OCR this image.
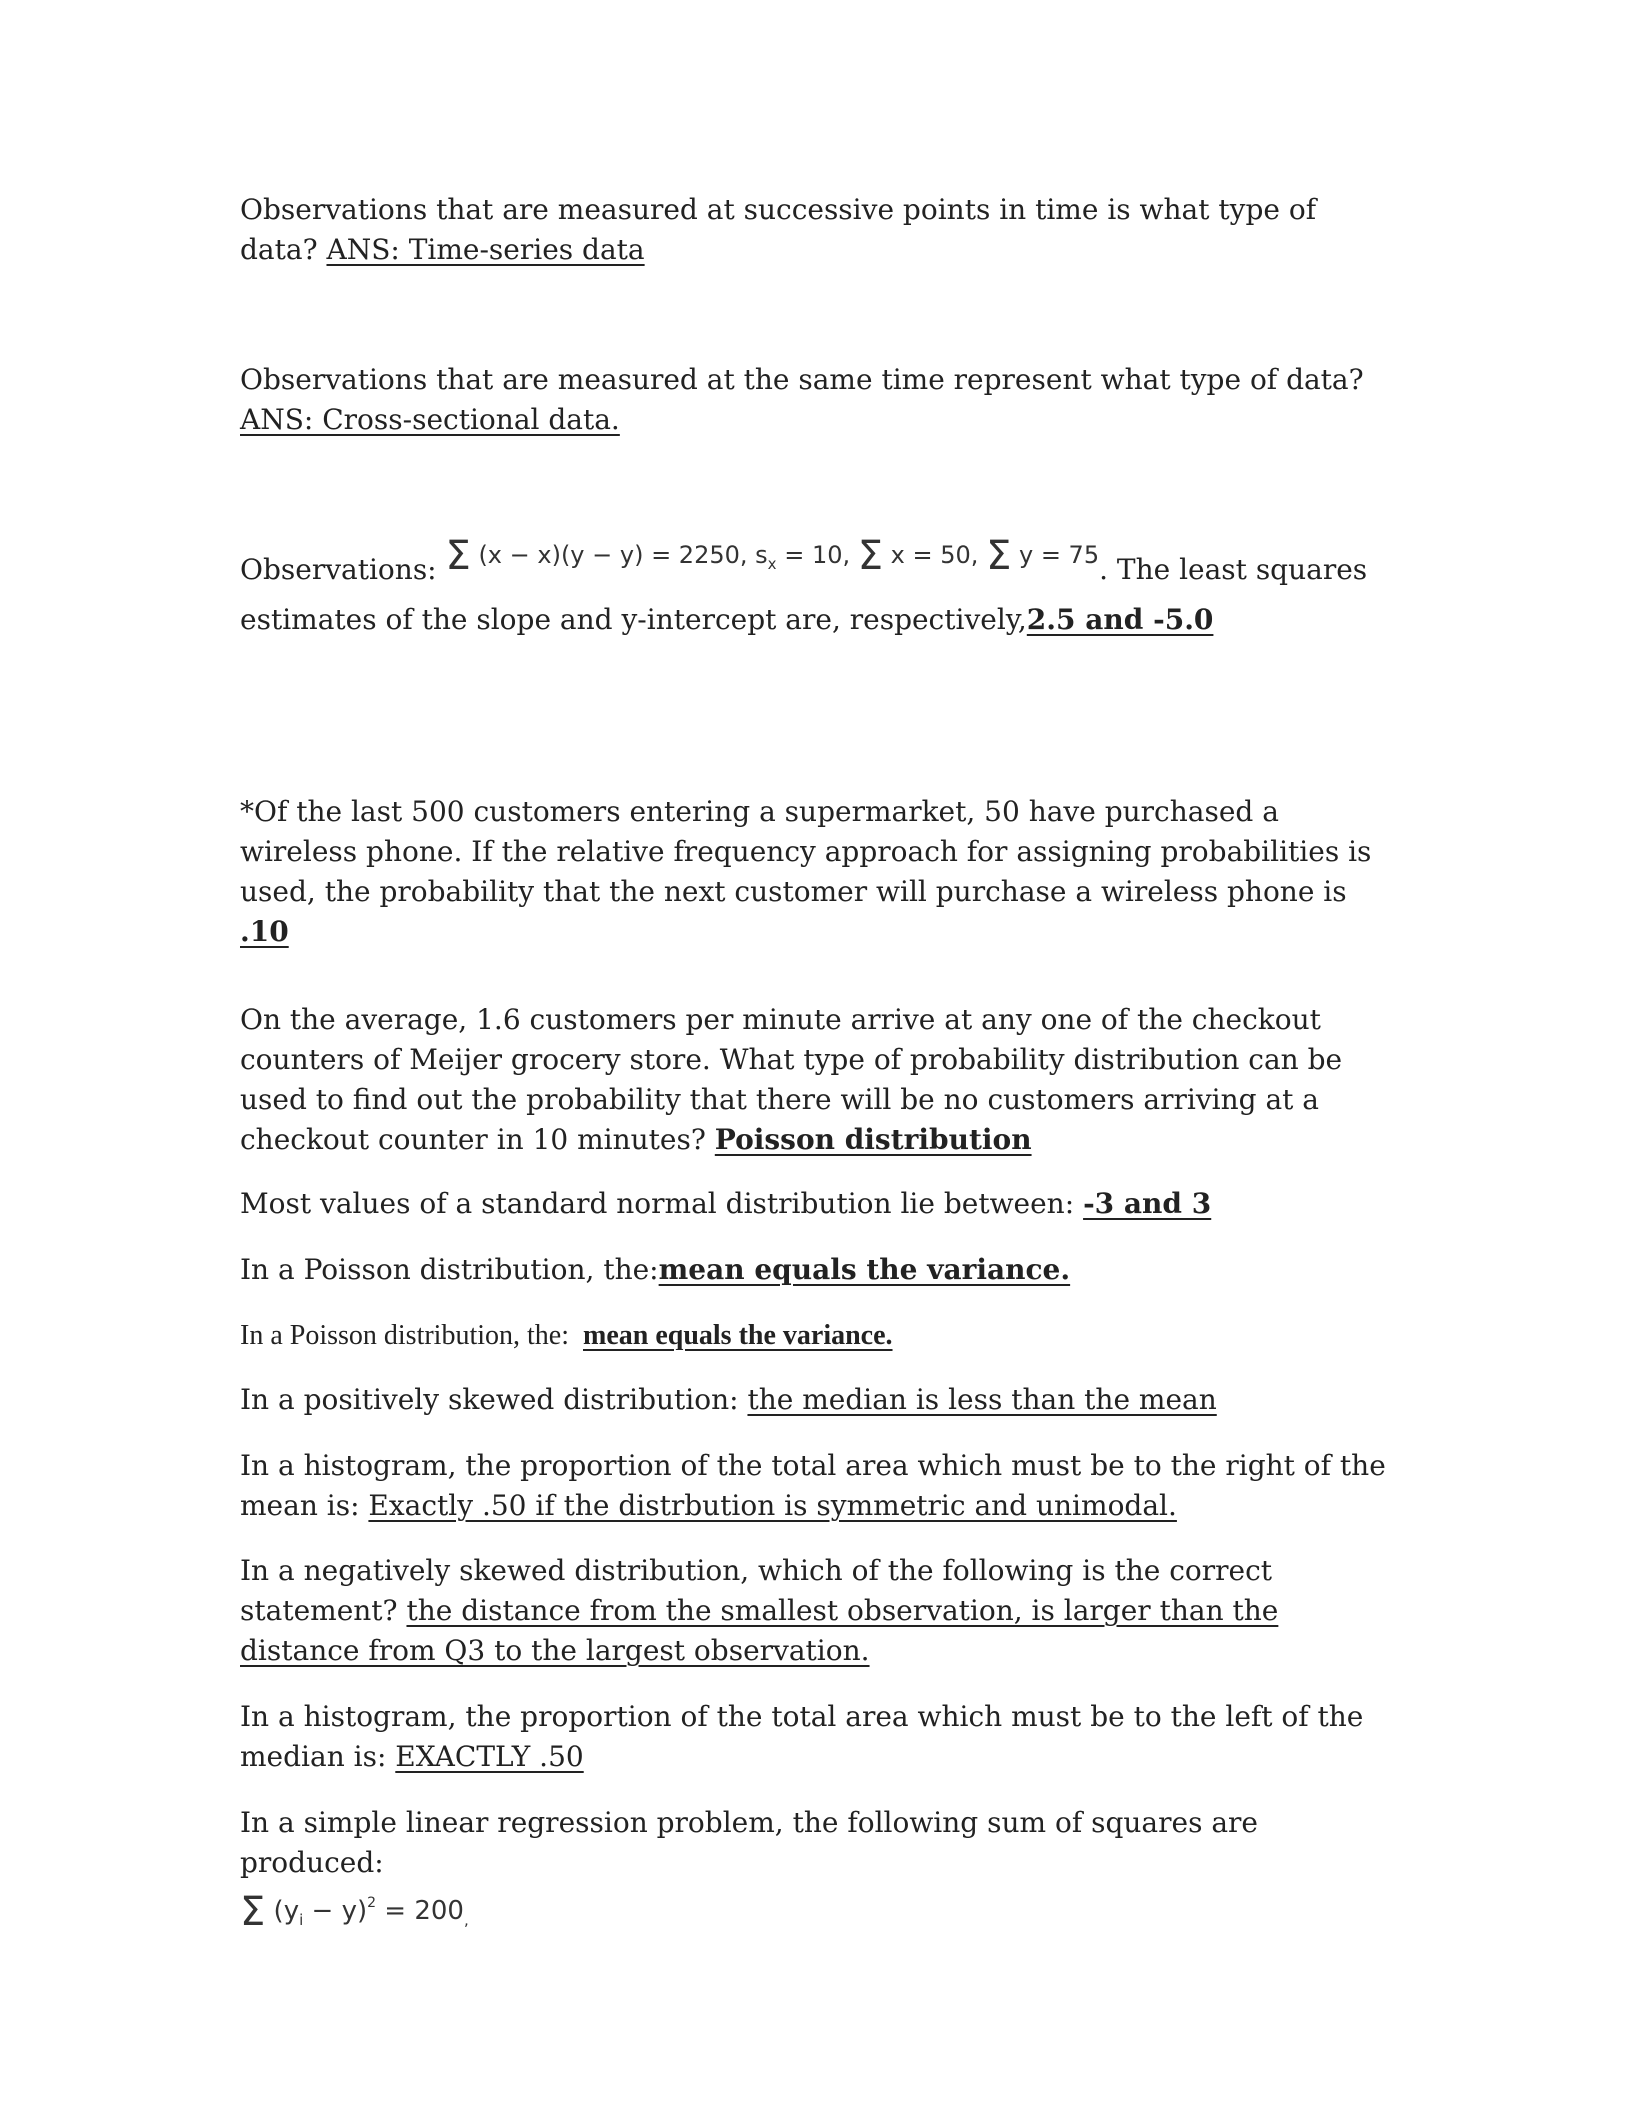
Observations that are measured at successive points in time is what type of data? ANS: Time-series data

Observations that are measured at the same time represent what type of data? ANS: Cross-sectional data.

Observations: Σ (x − x)(y − y) = 2250, $s_x = 10$, Σ x = 50, Σ y = 75. The least squares estimates of the slope and y-intercept are, respectively,2.5 and -5.0

*Of the last 500 customers entering a supermarket, 50 have purchased a wireless phone. If the relative frequency approach for assigning probabilities is used, the probability that the next customer will purchase a wireless phone is .10

On the average, 1.6 customers per minute arrive at any one of the checkout counters of Meijer grocery store. What type of probability distribution can be used to find out the probability that there will be no customers arriving at a checkout counter in 10 minutes? Poisson distribution

Most values of a standard normal distribution lie between: -3 and 3

In a Poisson distribution, the:mean equals the variance.

In a Poisson distribution, the:  mean equals the variance.

In a positively skewed distribution: the median is less than the mean

In a histogram, the proportion of the total area which must be to the right of the mean is: Exactly .50 if the distrbution is symmetric and unimodal.

In a negatively skewed distribution, which of the following is the correct statement? the distance from the smallest observation, is larger than the distance from Q3 to the largest observation.

In a histogram, the proportion of the total area which must be to the left of the median is: EXACTLY .50

In a simple linear regression problem, the following sum of squares are produced:
Σ $(y_i - y)^2 = 200_,$
